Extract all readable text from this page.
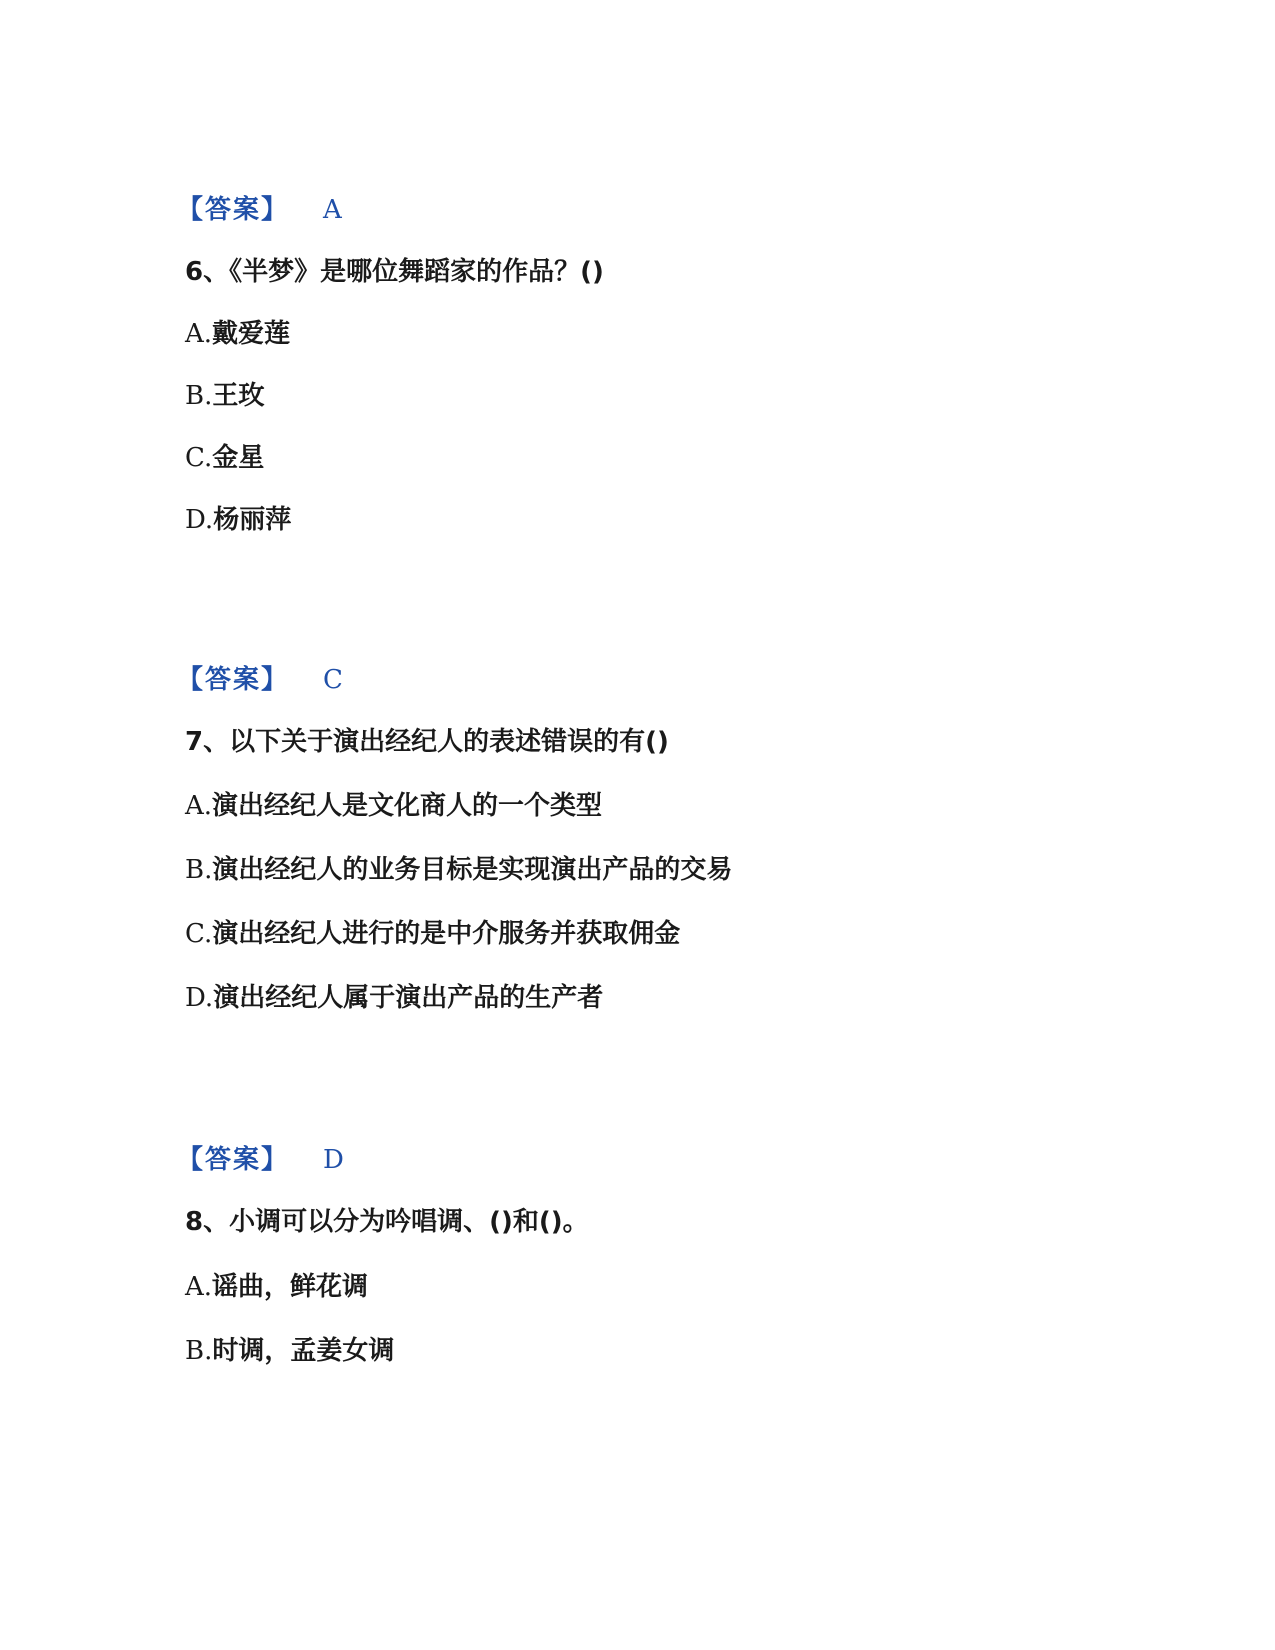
【答案】 A
6、《半梦》是哪位舞蹈家的作品？()
A.戴爱莲
B.王玫
C.金星
D.杨丽萍
【答案】 C
7、以下关于演出经纪人的表述错误的有()
A.演出经纪人是文化商人的一个类型
B.演出经纪人的业务目标是实现演出产品的交易
C.演出经纪人进行的是中介服务并获取佣金
D.演出经纪人属于演出产品的生产者
【答案】 D
8、小调可以分为吟唱调、()和()。
A.谣曲，鲜花调
B.时调，孟姜女调
